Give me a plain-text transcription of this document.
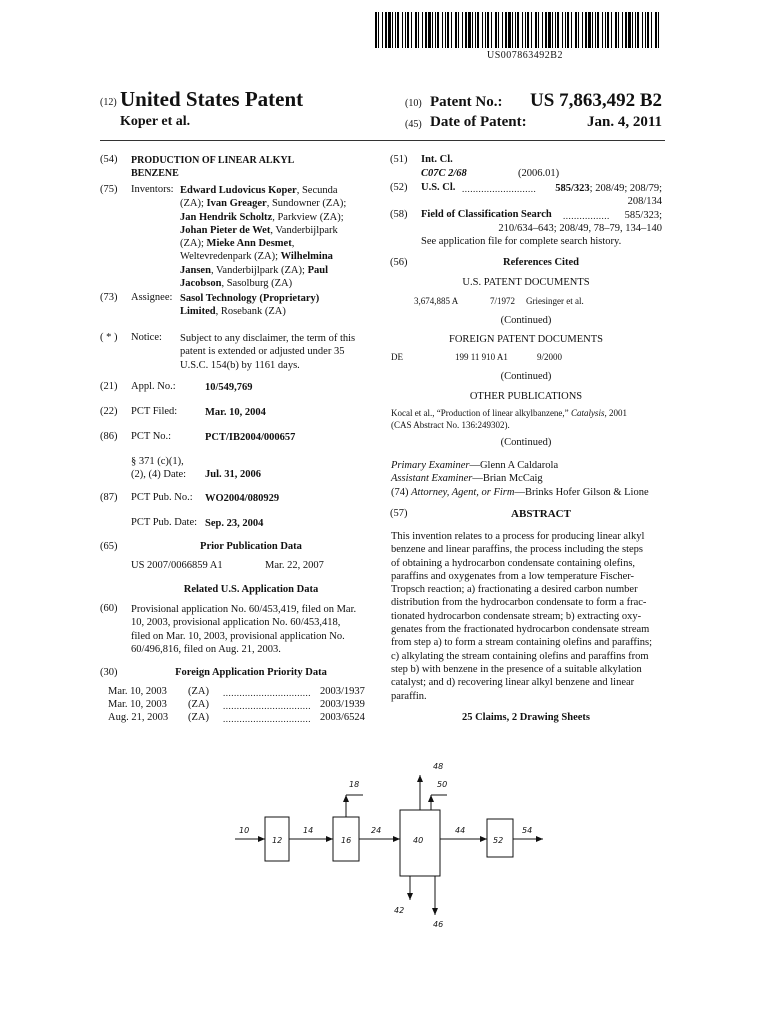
US007863492B2
(12) United States Patent
Koper et al.
(10) Patent No.:	US 7,863,492 B2
(45) Date of Patent:	Jan. 4, 2011
(54) PRODUCTION OF LINEAR ALKYL
BENZENE
(75) Inventors: Edward Ludovicus Koper, Secunda
(ZA); Ivan Greager, Sundowner (ZA);
Jan Hendrik Scholtz, Parkview (ZA);
Johan Pieter de Wet, Vanderbijlpark
(ZA); Mieke Ann Desmet,
Weltevredenpark (ZA); Wilhelmina
Jansen, Vanderbijlpark (ZA); Paul
Jacobson, Sasolburg (ZA)
(73) Assignee: Sasol Technology (Proprietary)
Limited, Rosebank (ZA)
( * ) Notice: Subject to any disclaimer, the term of this
patent is extended or adjusted under 35
U.S.C. 154(b) by 1161 days.
(21) Appl. No.:	10/549,769
(22) PCT Filed:	Mar. 10, 2004
(86) PCT No.:	PCT/IB2004/000657
§ 371 (c)(1),
(2), (4) Date: Jul. 31, 2006
(87) PCT Pub. No.: WO2004/080929
PCT Pub. Date: Sep. 23, 2004
(65)	Prior Publication Data
US 2007/0066859 A1	Mar. 22, 2007
Related U.S. Application Data
(60) Provisional application No. 60/453,419, filed on Mar.
10, 2003, provisional application No. 60/453,418,
filed on Mar. 10, 2003, provisional application No.
60/496,816, filed on Aug. 21, 2003.
(30)	Foreign Application Priority Data
Mar. 10, 2003 (ZA) ................................ 2003/1937
Mar. 10, 2003 (ZA) ................................ 2003/1939
Aug. 21, 2003 (ZA) ................................ 2003/6524
(51) Int. Cl.
C07C 2/68	(2006.01)
(52) U.S. Cl. ...........................	585/323; 208/49; 208/79;
208/134
(58) Field of Classification Search .................	585/323;
210/634–643; 208/49, 78–79, 134–140
See application file for complete search history.
(56)	References Cited
U.S. PATENT DOCUMENTS
3,674,885 A	7/1972 Griesinger et al.
(Continued)
FOREIGN PATENT DOCUMENTS
DE	199 11 910 A1	9/2000
(Continued)
OTHER PUBLICATIONS
Kocal et al., “Production of linear alkylbanzene,” Catalysis, 2001
(CAS Abstract No. 136:249302).
(Continued)
Primary Examiner—Glenn A Caldarola
Assistant Examiner—Brian McCaig
(74) Attorney, Agent, or Firm—Brinks Hofer Gilson & Lione
(57)	ABSTRACT
This invention relates to a process for producing linear alkyl
benzene and linear paraffins, the process including the steps
of obtaining a hydrocarbon condensate containing olefins,
paraffins and oxygenates from a low temperature Fischer-
Tropsch reaction; a) fractionating a desired carbon number
distribution from the hydrocarbon condensate to form a frac-
tionated hydrocarbon condensate stream; b) extracting oxy-
genates from the fractionated hydrocarbon condensate stream
from step a) to form a stream containing olefins and paraffins;
c) alkylating the stream containing olefins and paraffins from
step b) with benzene in the presence of a suitable alkylation
catalyst; and d) recovering linear alkyl benzene and linear
paraffin.
25 Claims, 2 Drawing Sheets
10
12
14
16
18
24
40
42
44
46
48
50
52
54
